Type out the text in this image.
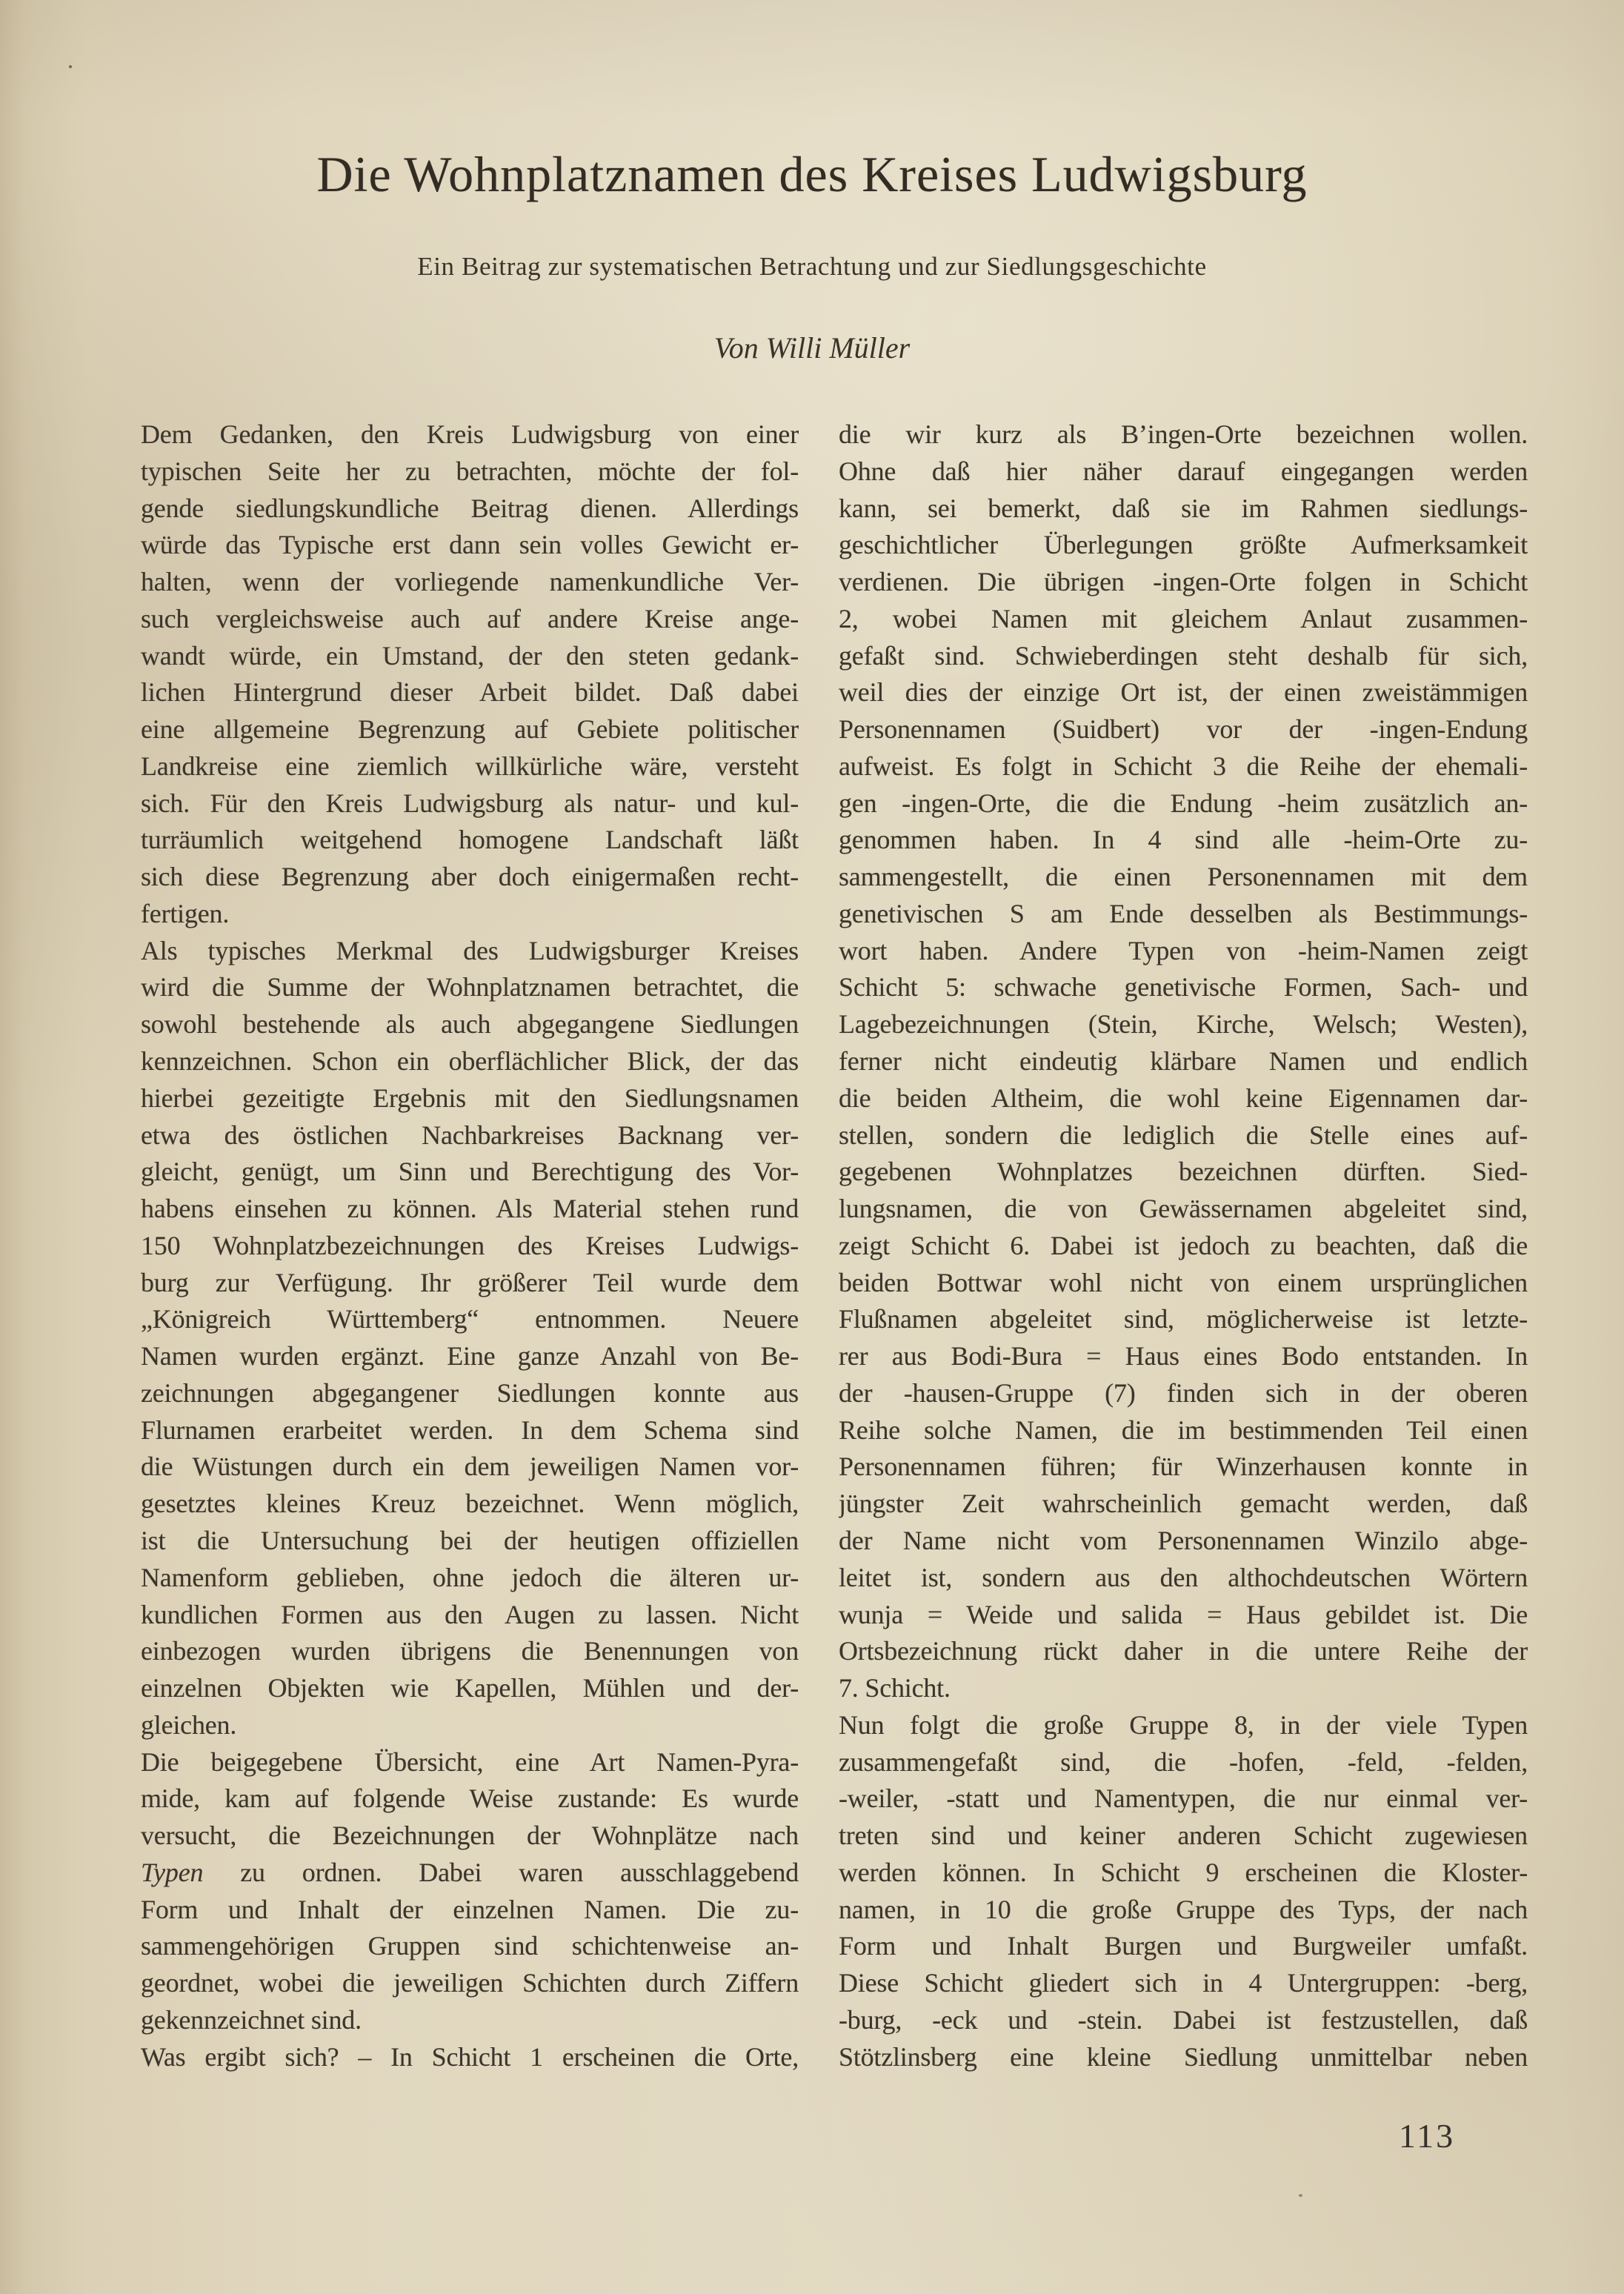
Die Wohnplatznamen des Kreises Ludwigsburg
Ein Beitrag zur systematischen Betrachtung und zur Siedlungsgeschichte
Von Willi Müller
Dem Gedanken, den Kreis Ludwigsburg von einer
typischen Seite her zu betrachten, möchte der fol-
gende siedlungskundliche Beitrag dienen. Allerdings
würde das Typische erst dann sein volles Gewicht er-
halten, wenn der vorliegende namenkundliche Ver-
such vergleichsweise auch auf andere Kreise ange-
wandt würde, ein Umstand, der den steten gedank-
lichen Hintergrund dieser Arbeit bildet. Daß dabei
eine allgemeine Begrenzung auf Gebiete politischer
Landkreise eine ziemlich willkürliche wäre, versteht
sich. Für den Kreis Ludwigsburg als natur- und kul-
turräumlich weitgehend homogene Landschaft läßt
sich diese Begrenzung aber doch einigermaßen recht-
fertigen.
Als typisches Merkmal des Ludwigsburger Kreises
wird die Summe der Wohnplatznamen betrachtet, die
sowohl bestehende als auch abgegangene Siedlungen
kennzeichnen. Schon ein oberflächlicher Blick, der das
hierbei gezeitigte Ergebnis mit den Siedlungsnamen
etwa des östlichen Nachbarkreises Backnang ver-
gleicht, genügt, um Sinn und Berechtigung des Vor-
habens einsehen zu können. Als Material stehen rund
150 Wohnplatzbezeichnungen des Kreises Ludwigs-
burg zur Verfügung. Ihr größerer Teil wurde dem
„Königreich Württemberg“ entnommen. Neuere
Namen wurden ergänzt. Eine ganze Anzahl von Be-
zeichnungen abgegangener Siedlungen konnte aus
Flurnamen erarbeitet werden. In dem Schema sind
die Wüstungen durch ein dem jeweiligen Namen vor-
gesetztes kleines Kreuz bezeichnet. Wenn möglich,
ist die Untersuchung bei der heutigen offiziellen
Namenform geblieben, ohne jedoch die älteren ur-
kundlichen Formen aus den Augen zu lassen. Nicht
einbezogen wurden übrigens die Benennungen von
einzelnen Objekten wie Kapellen, Mühlen und der-
gleichen.
Die beigegebene Übersicht, eine Art Namen-Pyra-
mide, kam auf folgende Weise zustande: Es wurde
versucht, die Bezeichnungen der Wohnplätze nach
Typen zu ordnen. Dabei waren ausschlaggebend
Form und Inhalt der einzelnen Namen. Die zu-
sammengehörigen Gruppen sind schichtenweise an-
geordnet, wobei die jeweiligen Schichten durch Ziffern
gekennzeichnet sind.
Was ergibt sich? – In Schicht 1 erscheinen die Orte,
die wir kurz als B’ingen-Orte bezeichnen wollen.
Ohne daß hier näher darauf eingegangen werden
kann, sei bemerkt, daß sie im Rahmen siedlungs-
geschichtlicher Überlegungen größte Aufmerksamkeit
verdienen. Die übrigen -ingen-Orte folgen in Schicht
2, wobei Namen mit gleichem Anlaut zusammen-
gefaßt sind. Schwieberdingen steht deshalb für sich,
weil dies der einzige Ort ist, der einen zweistämmigen
Personennamen (Suidbert) vor der -ingen-Endung
aufweist. Es folgt in Schicht 3 die Reihe der ehemali-
gen -ingen-Orte, die die Endung -heim zusätzlich an-
genommen haben. In 4 sind alle -heim-Orte zu-
sammengestellt, die einen Personennamen mit dem
genetivischen S am Ende desselben als Bestimmungs-
wort haben. Andere Typen von -heim-Namen zeigt
Schicht 5: schwache genetivische Formen, Sach- und
Lagebezeichnungen (Stein, Kirche, Welsch; Westen),
ferner nicht eindeutig klärbare Namen und endlich
die beiden Altheim, die wohl keine Eigennamen dar-
stellen, sondern die lediglich die Stelle eines auf-
gegebenen Wohnplatzes bezeichnen dürften. Sied-
lungsnamen, die von Gewässernamen abgeleitet sind,
zeigt Schicht 6. Dabei ist jedoch zu beachten, daß die
beiden Bottwar wohl nicht von einem ursprünglichen
Flußnamen abgeleitet sind, möglicherweise ist letzte-
rer aus Bodi-Bura = Haus eines Bodo entstanden. In
der -hausen-Gruppe (7) finden sich in der oberen
Reihe solche Namen, die im bestimmenden Teil einen
Personennamen führen; für Winzerhausen konnte in
jüngster Zeit wahrscheinlich gemacht werden, daß
der Name nicht vom Personennamen Winzilo abge-
leitet ist, sondern aus den althochdeutschen Wörtern
wunja = Weide und salida = Haus gebildet ist. Die
Ortsbezeichnung rückt daher in die untere Reihe der
7. Schicht.
Nun folgt die große Gruppe 8, in der viele Typen
zusammengefaßt sind, die -hofen, -feld, -felden,
-weiler, -statt und Namentypen, die nur einmal ver-
treten sind und keiner anderen Schicht zugewiesen
werden können. In Schicht 9 erscheinen die Kloster-
namen, in 10 die große Gruppe des Typs, der nach
Form und Inhalt Burgen und Burgweiler umfaßt.
Diese Schicht gliedert sich in 4 Untergruppen: -berg,
-burg, -eck und -stein. Dabei ist festzustellen, daß
Stötzlinsberg eine kleine Siedlung unmittelbar neben
113
